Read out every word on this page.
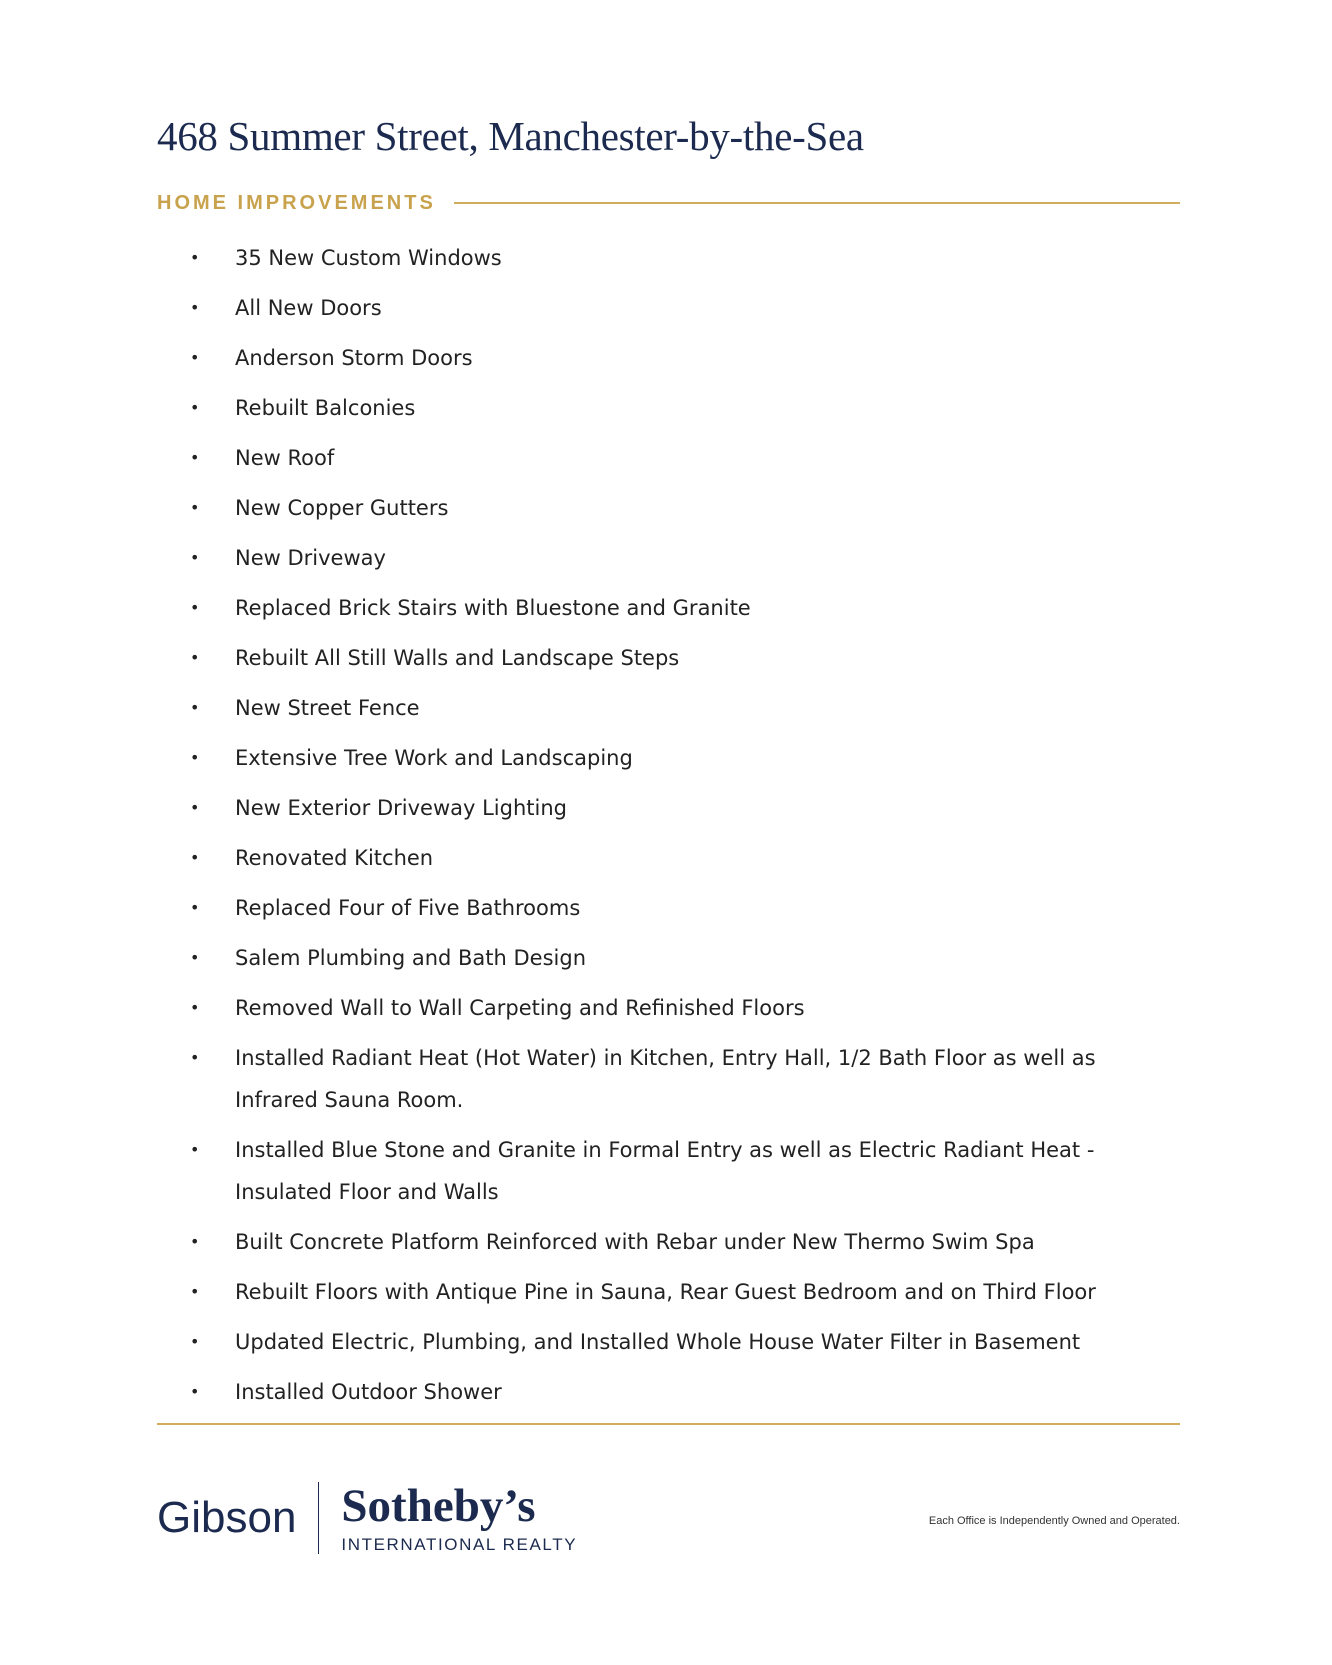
468 Summer Street, Manchester-by-the-Sea
HOME IMPROVEMENTS
• 35 New Custom Windows
• All New Doors
• Anderson Storm Doors
• Rebuilt Balconies
• New Roof
• New Copper Gutters
• New Driveway
• Replaced Brick Stairs with Bluestone and Granite
• Rebuilt All Still Walls and Landscape Steps
• New Street Fence
• Extensive Tree Work and Landscaping
• New Exterior Driveway Lighting
• Renovated Kitchen
• Replaced Four of Five Bathrooms
• Salem Plumbing and Bath Design
• Removed Wall to Wall Carpeting and Refinished Floors
• Installed Radiant Heat (Hot Water) in Kitchen, Entry Hall, 1/2 Bath Floor as well as Infrared Sauna Room.
• Installed Blue Stone and Granite in Formal Entry as well as Electric Radiant Heat - Insulated Floor and Walls
• Built Concrete Platform Reinforced with Rebar under New Thermo Swim Spa
• Rebuilt Floors with Antique Pine in Sauna, Rear Guest Bedroom and on Third Floor
• Updated Electric, Plumbing, and Installed Whole House Water Filter in Basement
• Installed Outdoor Shower
Gibson Sotheby’s
INTERNATIONAL REALTY
Each Office is Independently Owned and Operated.
